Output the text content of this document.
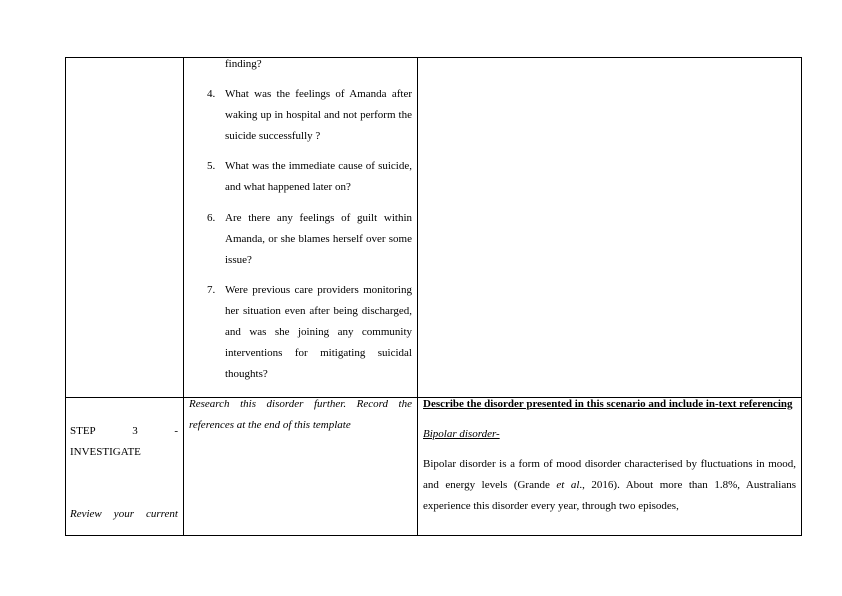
finding?
4. What was the feelings of Amanda after waking up in hospital and not perform the suicide successfully ?
5. What was the immediate cause of suicide, and what happened later on?
6. Are there any feelings of guilt within Amanda, or she blames herself over some issue?
7. Were previous care providers monitoring her situation even after being discharged, and was she joining any community interventions for mitigating suicidal thoughts?
STEP	3	-
INVESTIGATE
Review your current
Research this disorder further. Record the references at the end of this template
Describe the disorder presented in this scenario and include in-text referencing
Bipolar disorder-
Bipolar disorder is a form of mood disorder characterised by fluctuations in mood, and energy levels (Grande et al., 2016). About more than 1.8%, Australians experience this disorder every year, through two episodes,
